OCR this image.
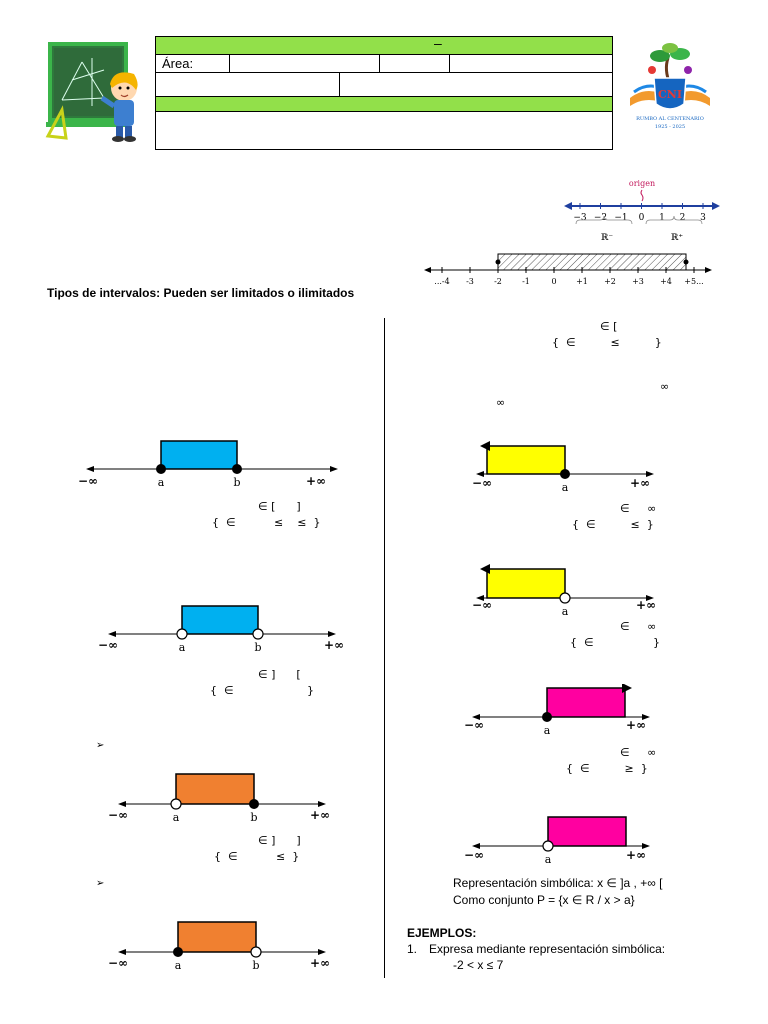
–
Área:
CNI
RUMBO AL CENTENARIO
1925 - 2025
origen
−3 −2 −1 0 1 2 3
ℝ⁻	ℝ⁺
...-4 -3	-2	-1	0 +1 +2 +3 +4 +5...
Tipos de intervalos: Pueden ser limitados o ilimitados
a	b
−∞	+∞
∈ [      ]
{  ∈           ≤    ≤  }
a	b
−∞	+∞
∈ ]      [
{  ∈                     }
➢
a	b
−∞	+∞
∈ ]      ]
{  ∈           ≤  }
➢
a	b
−∞	+∞
∈ [
{  ∈          ≤          }
∞
∞
a
−∞	+∞
∈     ∞
{  ∈          ≤  }
a
−∞	+∞
∈     ∞
{  ∈                 }
a
−∞	+∞
∈     ∞
{  ∈          ≥  }
a
−∞	+∞
Representación simbólica: x ∈ ]a , +∞ [
Como conjunto P = {x ∈ R / x > a}
EJEMPLOS:
1. Expresa mediante representación simbólica:
-2 < x ≤ 7
